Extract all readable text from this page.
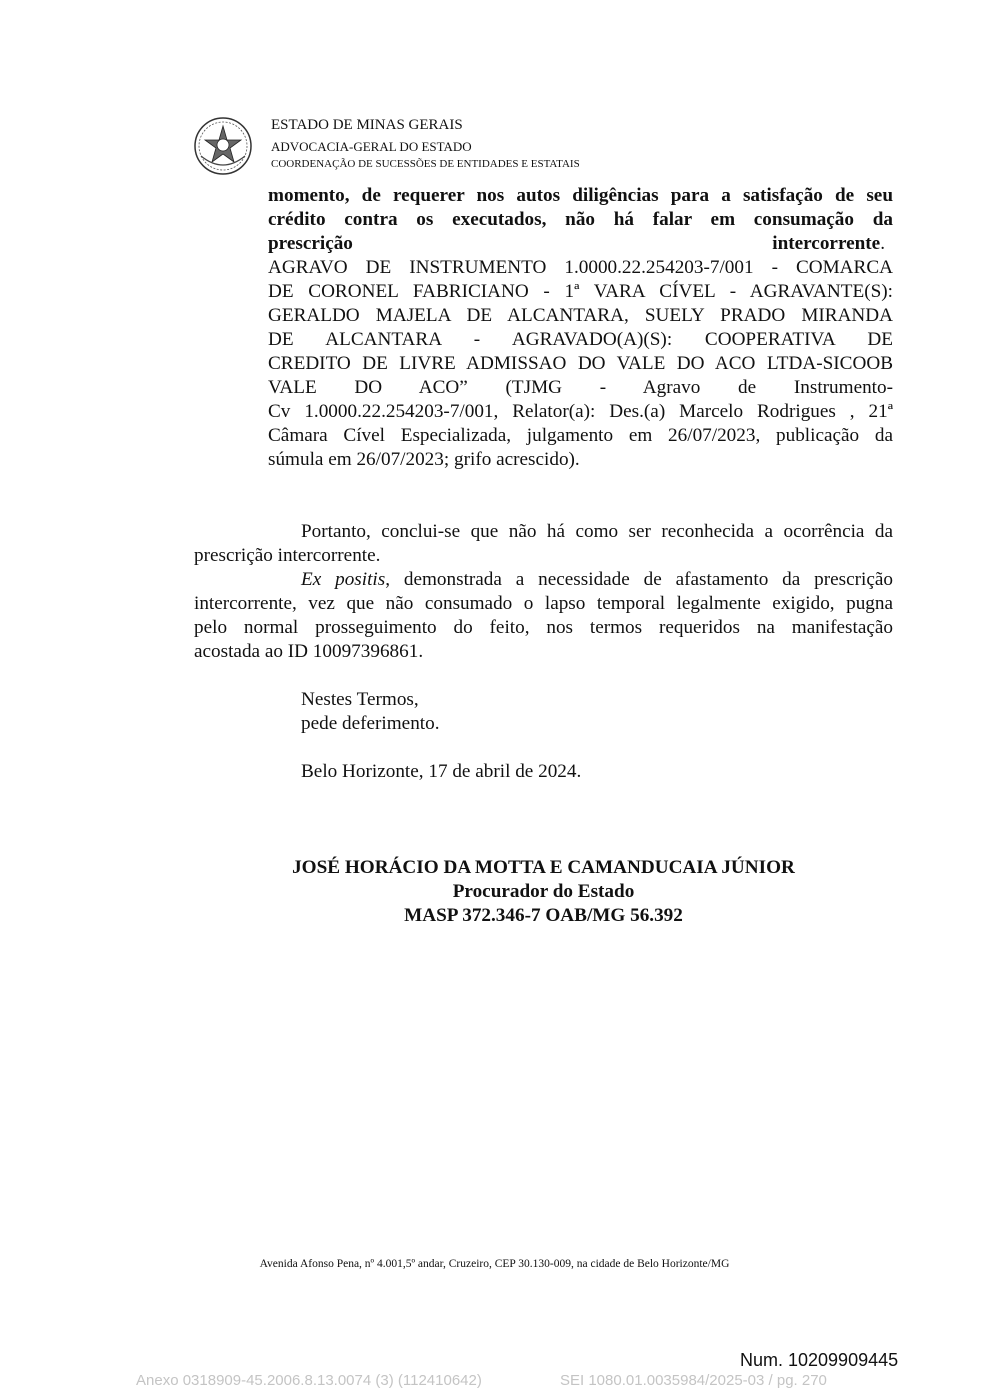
ESTADO DE MINAS GERAIS
ADVOCACIA-GERAL DO ESTADO
COORDENAÇÃO DE SUCESSÕES DE ENTIDADES E ESTATAIS
momento, de requerer nos autos diligências para a satisfação de seu
crédito contra os executados, não há falar em consumação da
prescrição	intercorrente.
AGRAVO DE INSTRUMENTO 1.0000.22.254203-7/001 - COMARCA
DE CORONEL FABRICIANO - 1ª VARA CÍVEL - AGRAVANTE(S):
GERALDO MAJELA DE ALCANTARA, SUELY PRADO MIRANDA
DE ALCANTARA - AGRAVADO(A)(S): COOPERATIVA DE
CREDITO DE LIVRE ADMISSAO DO VALE DO ACO LTDA-SICOOB
VALE DO ACO” (TJMG - Agravo de Instrumento-
Cv 1.0000.22.254203-7/001, Relator(a): Des.(a) Marcelo Rodrigues , 21ª
Câmara Cível Especializada, julgamento em 26/07/2023, publicação da
súmula em 26/07/2023; grifo acrescido).
Portanto, conclui-se que não há como ser reconhecida a ocorrência da
prescrição intercorrente.
Ex positis, demonstrada a necessidade de afastamento da prescrição
intercorrente, vez que não consumado o lapso temporal legalmente exigido, pugna
pelo normal prosseguimento do feito, nos termos requeridos na manifestação
acostada ao ID 10097396861.
Nestes Termos,
pede deferimento.
Belo Horizonte, 17 de abril de 2024.
JOSÉ HORÁCIO DA MOTTA E CAMANDUCAIA JÚNIOR
Procurador do Estado
MASP 372.346-7 OAB/MG 56.392
Avenida Afonso Pena, nº 4.001,5º andar, Cruzeiro, CEP 30.130-009, na cidade de Belo Horizonte/MG
Num. 10209909445
Anexo 0318909-45.2006.8.13.0074 (3) (112410642)	SEI 1080.01.0035984/2025-03 / pg. 270
